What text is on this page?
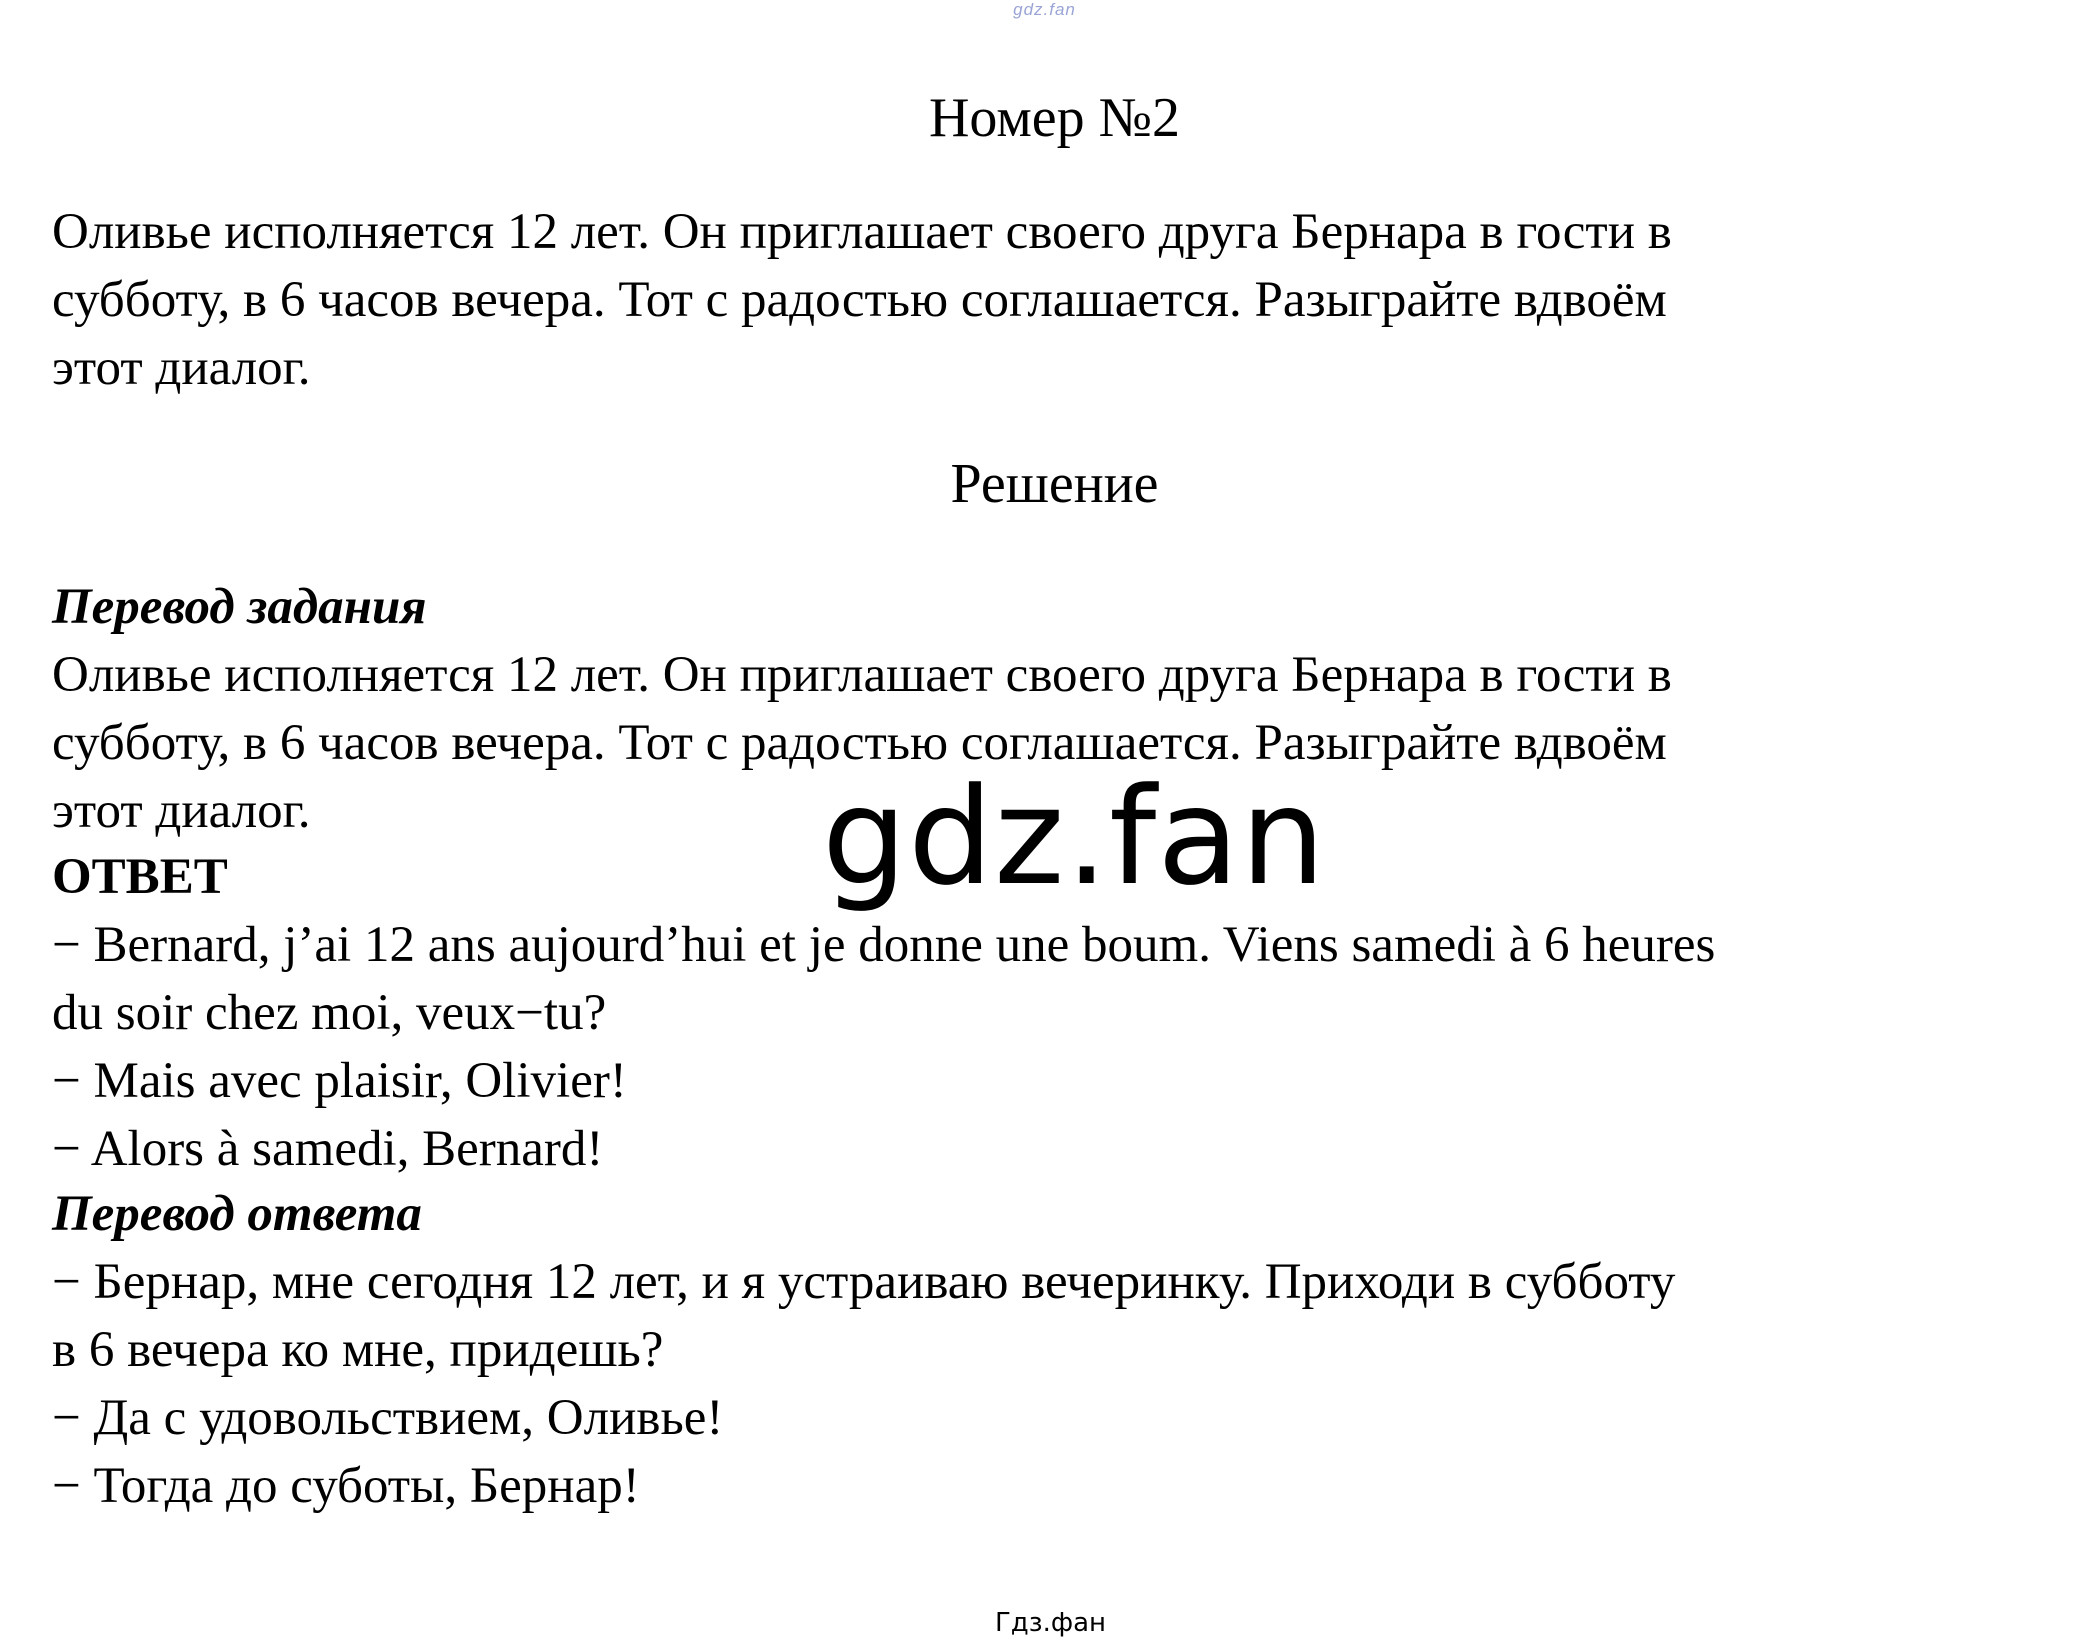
gdz.fan
Номер №2
Оливье исполняется 12 лет. Он приглашает своего друга Бернара в гости в
субботу, в 6 часов вечера. Тот с радостью соглашается. Разыграйте вдвоём
этот диалог.
Решение
Перевод задания
Оливье исполняется 12 лет. Он приглашает своего друга Бернара в гости в
субботу, в 6 часов вечера. Тот с радостью соглашается. Разыграйте вдвоём
этот диалог.
ОТВЕТ
− Bernard, j’ai 12 ans aujourd’hui et je donne une boum. Viens samedi à 6 heures
du soir chez moi, veux−tu?
− Mais avec plaisir, Olivier!
− Alors à samedi, Bernard!
Перевод ответа
− Бернар, мне сегодня 12 лет, и я устраиваю вечеринку. Приходи в субботу
в 6 вечера ко мне, придешь?
− Да с удовольствием, Оливье!
− Тогда до суботы, Бернар!
gdz.fan
Гдз.фан
